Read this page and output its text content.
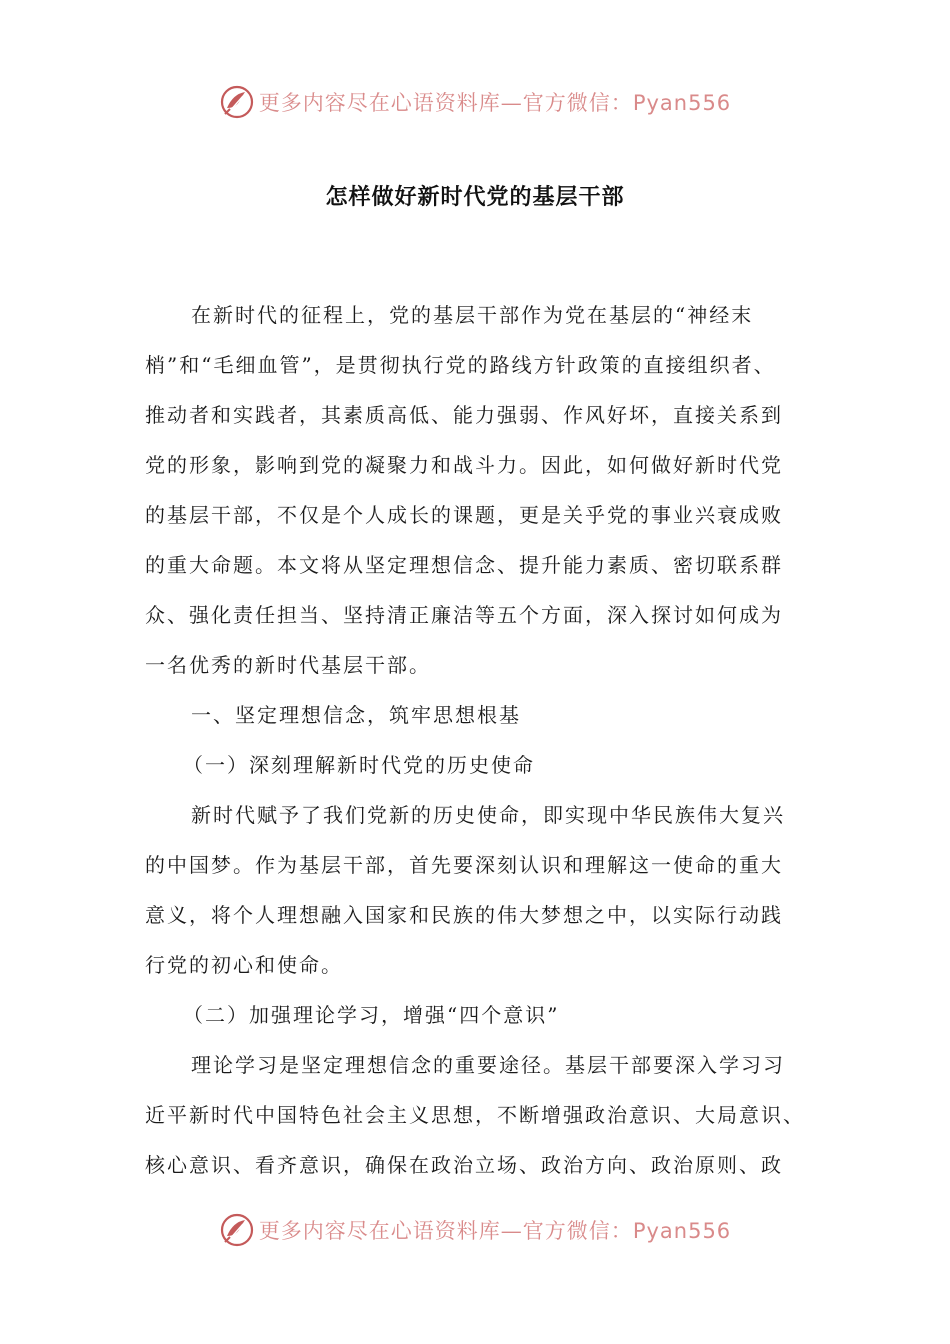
更多内容尽在心语资料库—官方微信：Pyan556
怎样做好新时代党的基层干部
在新时代的征程上，党的基层干部作为党在基层的“神经末
梢”和“毛细血管”，是贯彻执行党的路线方针政策的直接组织者、
推动者和实践者，其素质高低、能力强弱、作风好坏，直接关系到
党的形象，影响到党的凝聚力和战斗力。因此，如何做好新时代党
的基层干部，不仅是个人成长的课题，更是关乎党的事业兴衰成败
的重大命题。本文将从坚定理想信念、提升能力素质、密切联系群
众、强化责任担当、坚持清正廉洁等五个方面，深入探讨如何成为
一名优秀的新时代基层干部。
一、坚定理想信念，筑牢思想根基
（一）深刻理解新时代党的历史使命
新时代赋予了我们党新的历史使命，即实现中华民族伟大复兴
的中国梦。作为基层干部，首先要深刻认识和理解这一使命的重大
意义，将个人理想融入国家和民族的伟大梦想之中，以实际行动践
行党的初心和使命。
（二）加强理论学习，增强“四个意识”
理论学习是坚定理想信念的重要途径。基层干部要深入学习习
近平新时代中国特色社会主义思想，不断增强政治意识、大局意识、
核心意识、看齐意识，确保在政治立场、政治方向、政治原则、政
更多内容尽在心语资料库—官方微信：Pyan556
